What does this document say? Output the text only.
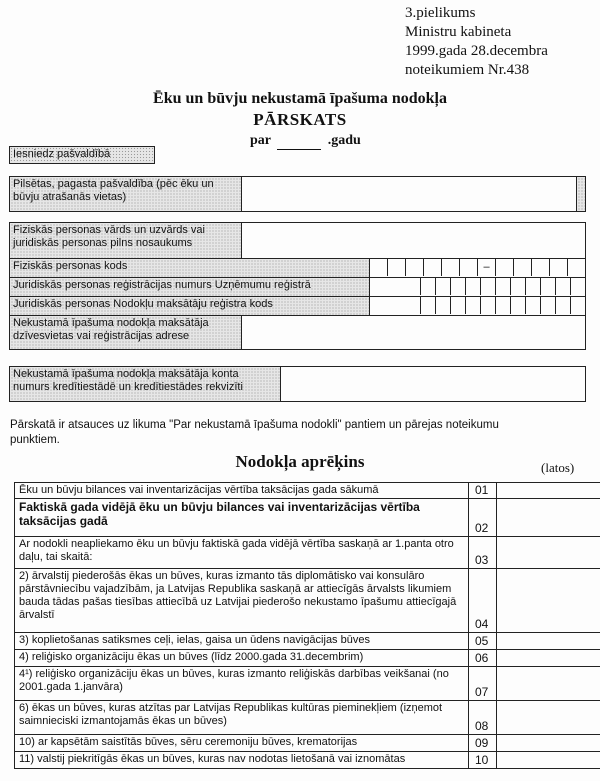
3.pielikums
Ministru kabineta
1999.gada 28.decembra
noteikumiem Nr.438
Ēku un būvju nekustamā īpašuma nodokļa
PĀRSKATS
par	.gadu
Iesniedz pašvaldībā
Pilsētas, pagasta pašvaldība (pēc ēku un būvju atrašanās vietas)		
Fiziskās personas vārds un uzvārds vai juridiskās personas pilns nosaukums		
Fiziskās personas kods		–

Juridiskās personas reģistrācijas numurs Uzņēmumu reģistrā		

Juridiskās personas Nodokļu maksātāju reģistra kods		

Nekustamā īpašuma nodokļa maksātāja dzīvesvietas vai reģistrācijas adrese		
Nekustamā īpašuma nodokļa maksātāja konta numurs kredītiestādē un kredītiestādes rekvizīti	
Pārskatā ir atsauces uz likuma "Par nekustamā īpašuma nodokli" pantiem un pārejas noteikumu punktiem.
Nodokļa aprēķins	(latos)
Ēku un būvju bilances vai inventarizācijas vērtība taksācijas gada sākumā	01	
Faktiskā gada vidējā ēku un būvju bilances vai inventarizācijas vērtība taksācijas gadā	02	
Ar nodokli neapliekamo ēku un būvju faktiskā gada vidējā vērtība saskaņā ar 1.panta otro daļu, tai skaitā:	03	
2) ārvalstij piederošās ēkas un būves, kuras izmanto tās diplomātisko vai konsulāro pārstāvniecību vajadzībām, ja Latvijas Republika saskaņā ar attiecīgās ārvalsts likumiem bauda tādas pašas tiesības attiecībā uz Latvijai piederošo nekustamo īpašumu attiecīgajā ārvalstī	04	
3) koplietošanas satiksmes ceļi, ielas, gaisa un ūdens navigācijas būves	05	
4) reliģisko organizāciju ēkas un būves (līdz 2000.gada 31.decembrim)	06	
4¹) reliģisko organizāciju ēkas un būves, kuras izmanto reliģiskās darbības veikšanai (no 2001.gada 1.janvāra)	07	
6) ēkas un būves, kuras atzītas par Latvijas Republikas kultūras pieminekļiem (izņemot saimnieciski izmantojamās ēkas un būves)	08	
10) ar kapsētām saistītās būves, sēru ceremoniju būves, krematorijas	09	
11) valstij piekritīgās ēkas un būves, kuras nav nodotas lietošanā vai iznomātas	10	
